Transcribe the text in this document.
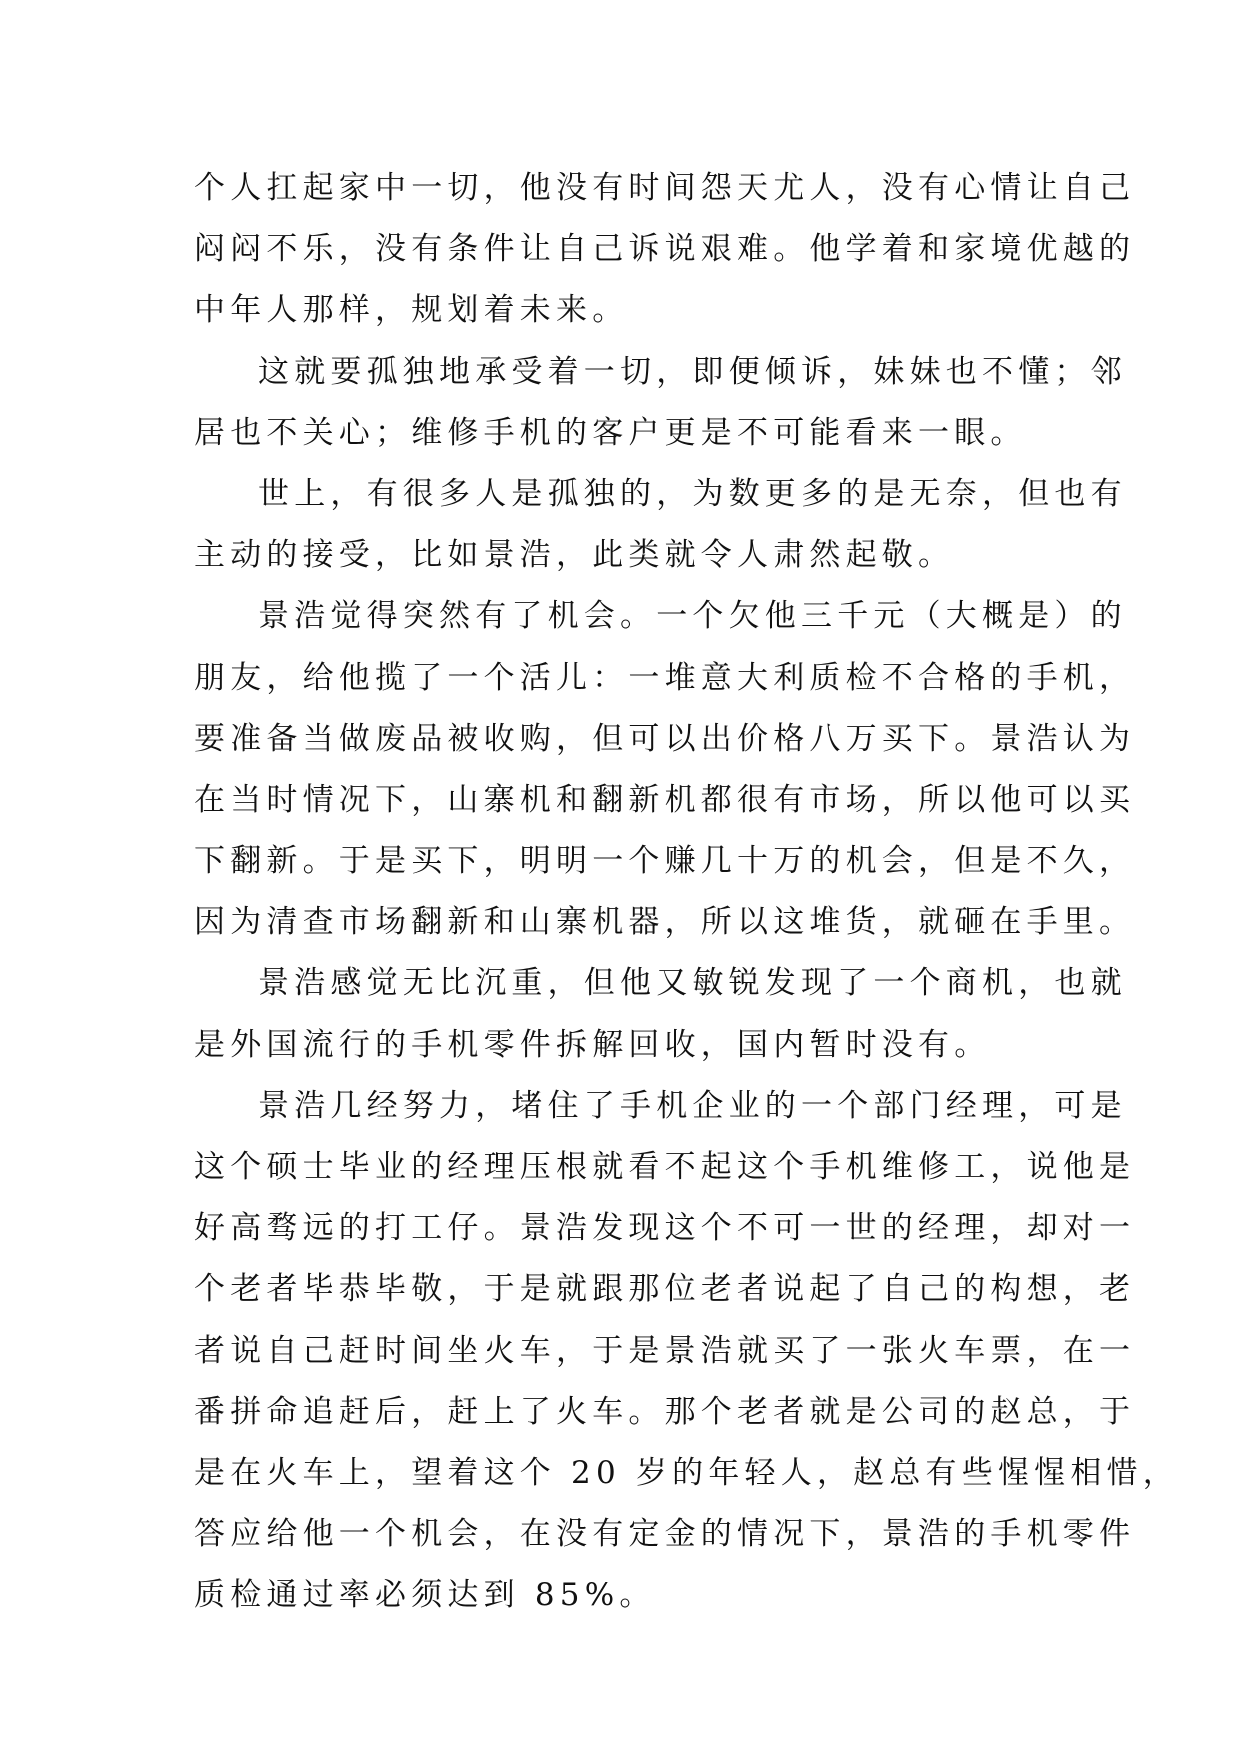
个人扛起家中一切，他没有时间怨天尤人，没有心情让自己
闷闷不乐，没有条件让自己诉说艰难。他学着和家境优越的
中年人那样，规划着未来。
这就要孤独地承受着一切，即便倾诉，妹妹也不懂；邻
居也不关心；维修手机的客户更是不可能看来一眼。
世上，有很多人是孤独的，为数更多的是无奈，但也有
主动的接受，比如景浩，此类就令人肃然起敬。
景浩觉得突然有了机会。一个欠他三千元（大概是）的
朋友，给他揽了一个活儿：一堆意大利质检不合格的手机，
要准备当做废品被收购，但可以出价格八万买下。景浩认为
在当时情况下，山寨机和翻新机都很有市场，所以他可以买
下翻新。于是买下，明明一个赚几十万的机会，但是不久，
因为清查市场翻新和山寨机器，所以这堆货，就砸在手里。
景浩感觉无比沉重，但他又敏锐发现了一个商机，也就
是外国流行的手机零件拆解回收，国内暂时没有。
景浩几经努力，堵住了手机企业的一个部门经理，可是
这个硕士毕业的经理压根就看不起这个手机维修工，说他是
好高骛远的打工仔。景浩发现这个不可一世的经理，却对一
个老者毕恭毕敬，于是就跟那位老者说起了自己的构想，老
者说自己赶时间坐火车，于是景浩就买了一张火车票，在一
番拼命追赶后，赶上了火车。那个老者就是公司的赵总，于
是在火车上，望着这个 20 岁的年轻人，赵总有些惺惺相惜，
答应给他一个机会，在没有定金的情况下，景浩的手机零件
质检通过率必须达到 85%。
